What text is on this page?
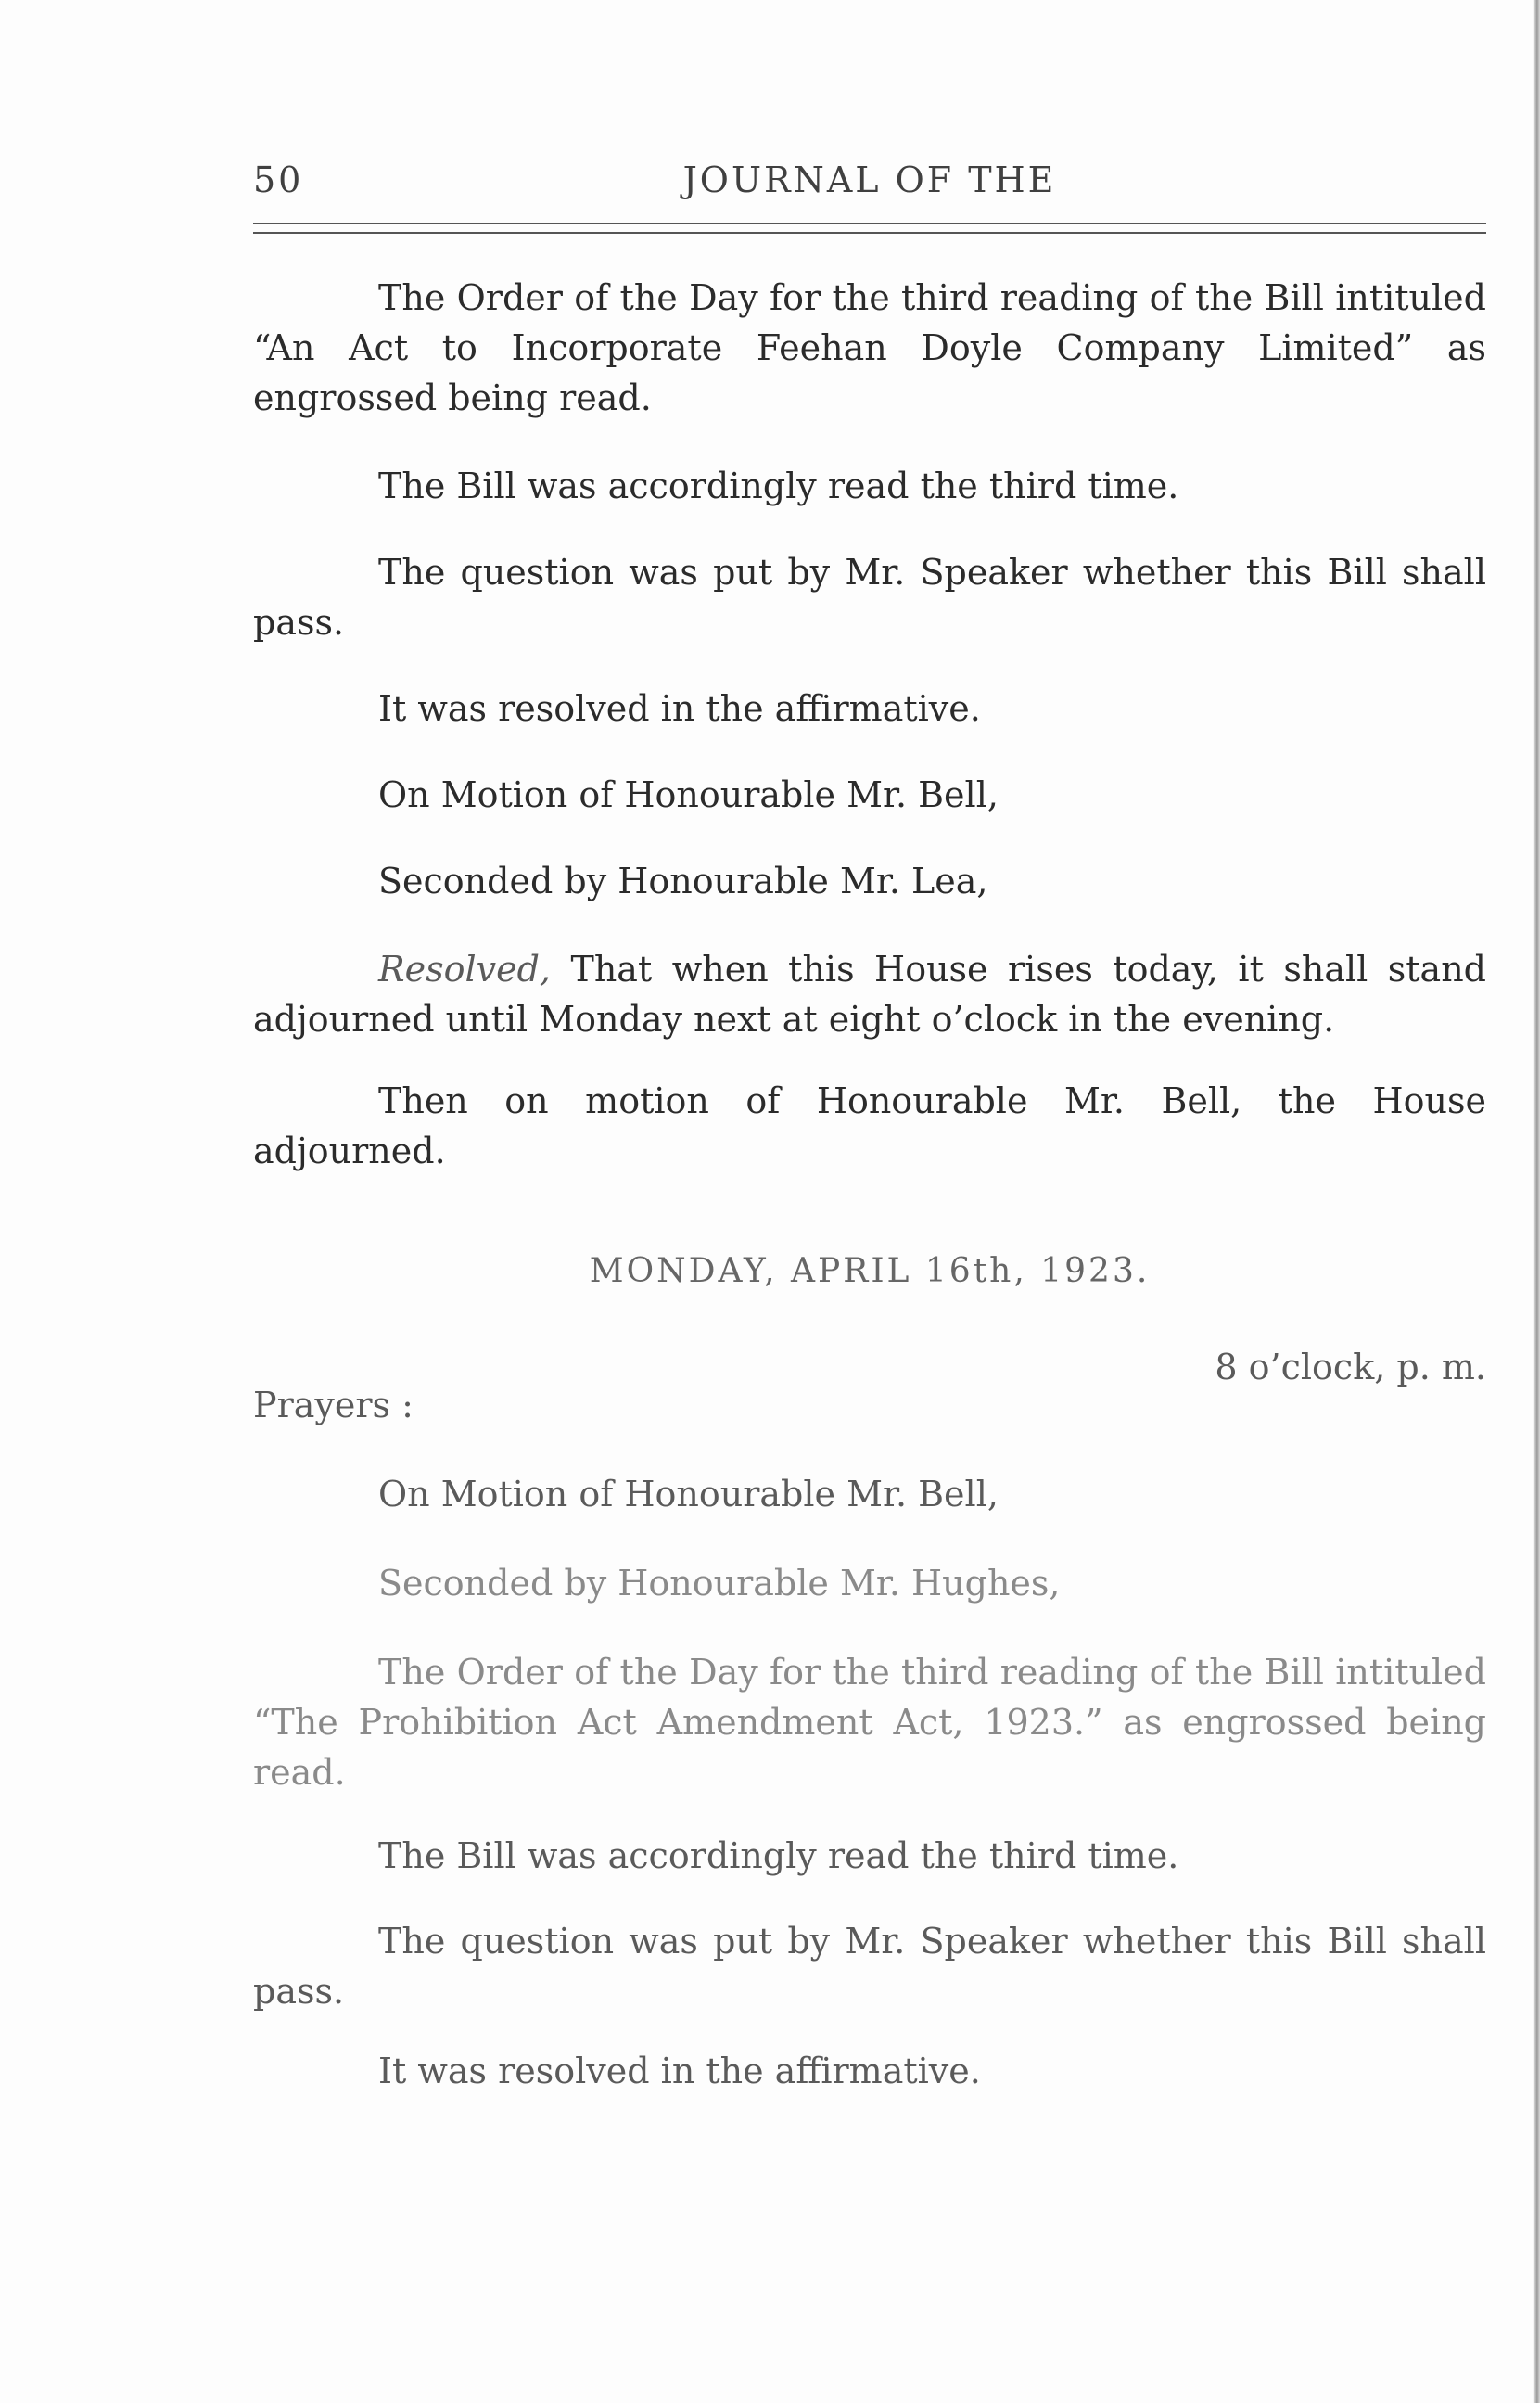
50	JOURNAL OF THE
The Order of the Day for the third reading of the Bill intituled “An Act to Incorporate Feehan Doyle Company Limited” as engrossed being read.
The Bill was accordingly read the third time.
The question was put by Mr. Speaker whether this Bill shall pass.
It was resolved in the affirmative.
On Motion of Honourable Mr. Bell,
Seconded by Honourable Mr. Lea,
Resolved, That when this House rises today, it shall stand adjourned until Monday next at eight o’clock in the evening.
Then on motion of Honourable Mr. Bell, the House adjourned.
MONDAY, APRIL 16th, 1923.
8 o’clock, p. m.
Prayers :
On Motion of Honourable Mr. Bell,
Seconded by Honourable Mr. Hughes,
The Order of the Day for the third reading of the Bill intituled “The Prohibition Act Amendment Act, 1923.” as engrossed being read.
The Bill was accordingly read the third time.
The question was put by Mr. Speaker whether this Bill shall pass.
It was resolved in the affirmative.
